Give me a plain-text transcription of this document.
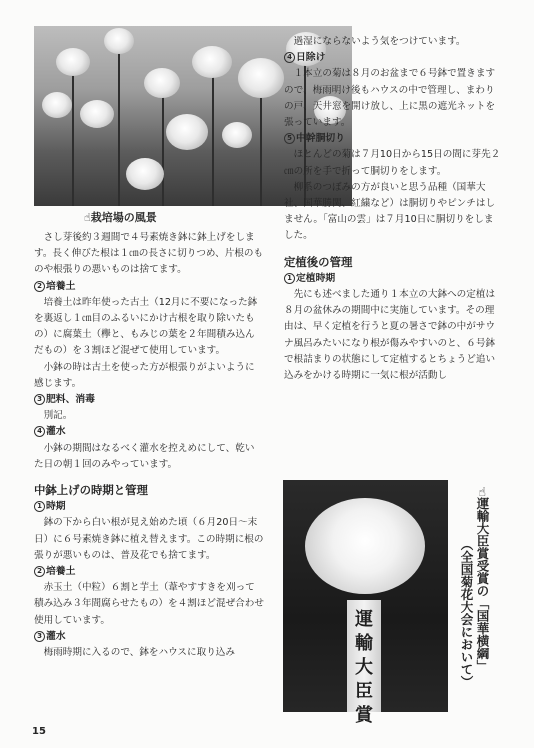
☝栽培場の風景

さし芽後約３週間で４号素焼き鉢に鉢上げをします。長く伸びた根は１㎝の長さに切りつめ、片根のものや根張りの悪いものは捨てます。

2 培養土

培養土は昨年使った古土（12月に不要になった鉢を裏返し１㎝目のふるいにかけ古根を取り除いたもの）に腐葉土（欅と、もみじの葉を２年間積み込んだもの）を３割ほど混ぜて使用しています。

小鉢の時は古土を使った方が根張りがよいように感じます。

3 肥料、消毒

別記。

4 灌水

小鉢の期間はなるべく灌水を控えめにして、乾いた日の朝１回のみやっています。

中鉢上げの時期と管理

1 時期

鉢の下から白い根が見え始めた頃（６月20日～末日）に６号素焼き鉢に植え替えます。この時期に根の張りが悪いものは、普及花でも捨てます。

2 培養土

赤玉土（中粒）６割と芋土（葦やすすきを刈って積み込み３年間腐らせたもの）を４割ほど混ぜ合わせ使用しています。

3 灌水

梅雨時期に入るので、鉢をハウスに取り込み

過湿にならないよう気をつけています。

4 日除け

１本立の菊は８月のお盆まで６号鉢で置きますので、梅雨明け後もハウスの中で管理し、まわりの戸、天井窓を開け放し、上に黒の遮光ネットを張っています。

5 中幹胴切り

ほとんどの菊は７月10日から15日の間に芽先２㎝の所を手で折って胴切りをします。

柳系のつぼみの方が良いと思う品種（国華大社、国華勝関、紅繍など）は胴切りやピンチはしません。「富山の雲」は７月10日に胴切りをしました。

定植後の管理

1 定植時期

先にも述べました通り１本立の大鉢への定植は８月の盆休みの期間中に実施しています。その理由は、早く定植を行うと夏の暑さで鉢の中がサウナ風呂みたいになり根が傷みやすいのと、６号鉢で根詰まりの状態にして定植するとちょうど追い込みをかける時期に一気に根が活動し

運輸大臣賞
☜運輸大臣賞受賞の「国華横綱」
（全国菊花大会において）
15
